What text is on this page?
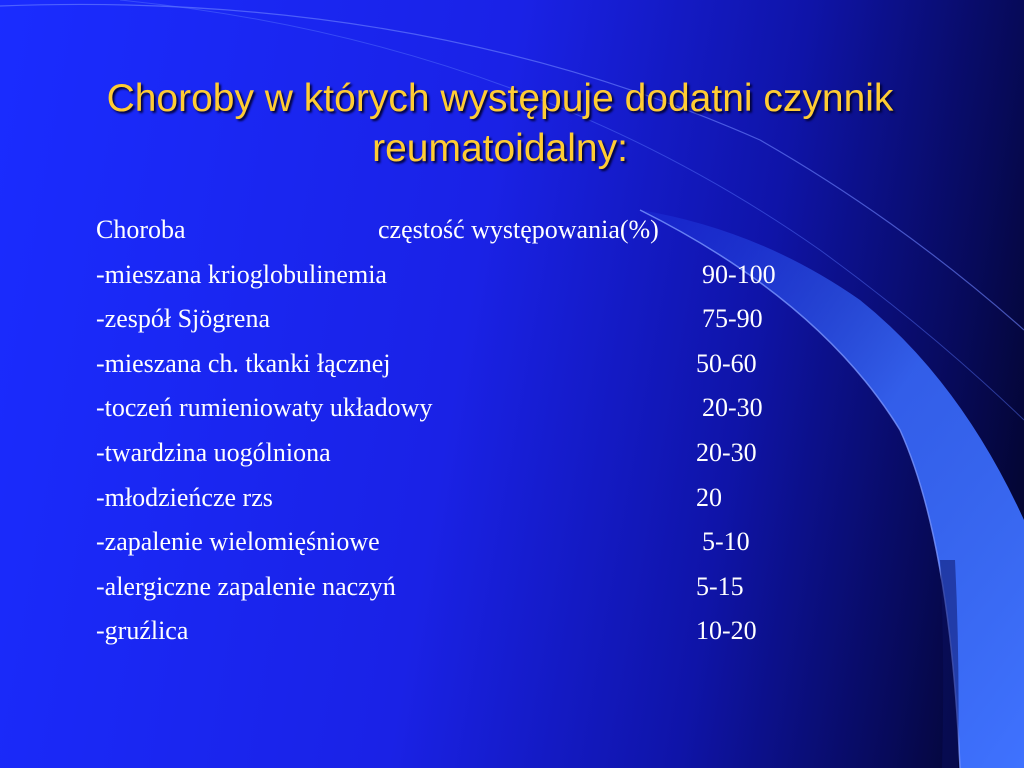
Choroby w których występuje dodatni czynnik reumatoidalny:
Choroba	częstość występowania(%)
-mieszana krioglobulinemia	90-100
-zespół Sjögrena	75-90
-mieszana ch. tkanki łącznej	50-60
-toczeń rumieniowaty układowy	20-30
-twardzina uogólniona	20-30
-młodzieńcze rzs	20
-zapalenie wielomięśniowe	5-10
-alergiczne zapalenie naczyń	5-15
-gruźlica	10-20
